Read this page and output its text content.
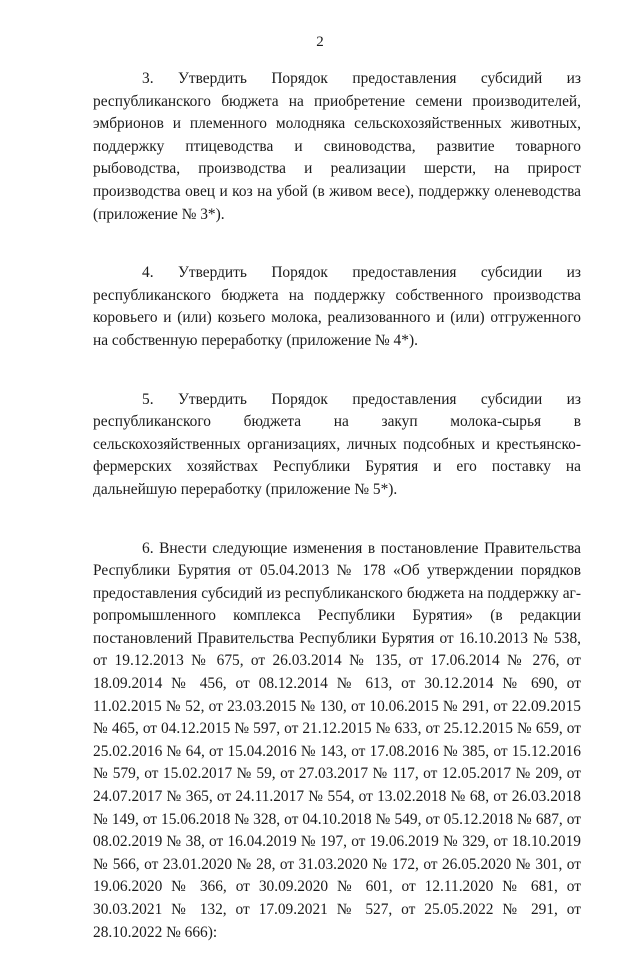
2

3. Утвердить Порядок предоставления субсидий из республиканского бюджета на приобретение семени производителей, эмбрионов и племенного молодняка сельскохозяйственных животных, поддержку птицеводства и свиноводства, развитие товарного рыбоводства, производства и реализации шерсти, на прирост производства овец и коз на убой (в живом весе), поддержку оленеводства (приложение № 3*).

4. Утвердить Порядок предоставления субсидии из республиканского бюджета на поддержку собственного производства коровьего и (или) козьего молока, реализованного и (или) отгруженного на собственную переработку (приложение № 4*).

5. Утвердить Порядок предоставления субсидии из республиканского бюджета на закуп молока-сырья в сельскохозяйственных организациях, личных подсобных и крестьянско-фермерских хозяйствах Республики Бурятия и его поставку на дальнейшую переработку (приложение № 5*).

6. Внести следующие изменения в постановление Правительства Республики Бурятия от 05.04.2013 № 178 «Об утверждении порядков предоставления субсидий из республиканского бюджета на поддержку агропромышленного комплекса Республики Бурятия» (в редакции постановлений Правительства Республики Бурятия от 16.10.2013 № 538, от 19.12.2013 № 675, от 26.03.2014 № 135, от 17.06.2014 № 276, от 18.09.2014 № 456, от 08.12.2014 № 613, от 30.12.2014 № 690, от 11.02.2015 № 52, от 23.03.2015 № 130, от 10.06.2015 № 291, от 22.09.2015 № 465, от 04.12.2015 № 597, от 21.12.2015 № 633, от 25.12.2015 № 659, от 25.02.2016 № 64, от 15.04.2016 № 143, от 17.08.2016 № 385, от 15.12.2016 № 579, от 15.02.2017 № 59, от 27.03.2017 № 117, от 12.05.2017 № 209, от 24.07.2017 № 365, от 24.11.2017 № 554, от 13.02.2018 № 68, от 26.03.2018 № 149, от 15.06.2018 № 328, от 04.10.2018 № 549, от 05.12.2018 № 687, от 08.02.2019 № 38, от 16.04.2019 № 197, от 19.06.2019 № 329, от 18.10.2019 № 566, от 23.01.2020 № 28, от 31.03.2020 № 172, от 26.05.2020 № 301, от 19.06.2020 № 366, от 30.09.2020 № 601, от 12.11.2020 № 681, от 30.03.2021 № 132, от 17.09.2021 № 527, от 25.05.2022 № 291, от 28.10.2022 № 666):
